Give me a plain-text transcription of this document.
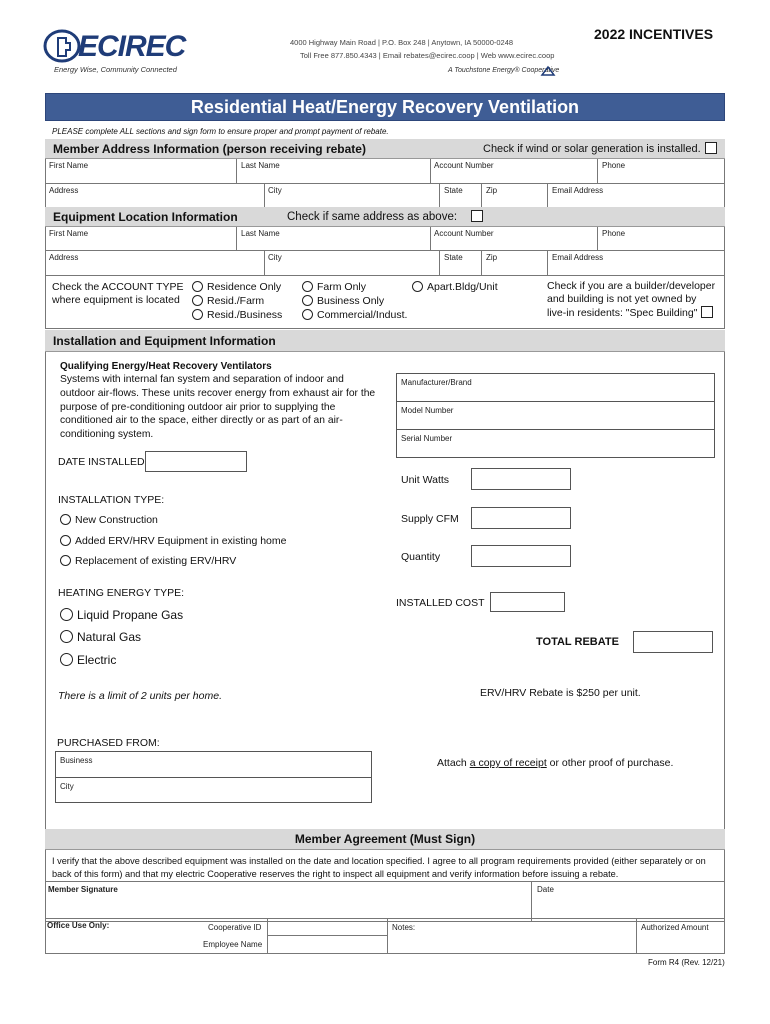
ECIREC
Energy Wise, Community Connected
4000 Highway Main Road | P.O. Box 248 | Anytown, IA 50000-0248
Toll Free 877.850.4343 | Email rebates@ecirec.coop | Web www.ecirec.coop
A Touchstone Energy® Cooperative
2022 INCENTIVES
Residential Heat/Energy Recovery Ventilation
PLEASE complete ALL sections and sign form to ensure proper and prompt payment of rebate.
Member Address Information (person receiving rebate)	Check if wind or solar generation is installed.
First Name	Last Name	Account Number	Phone
Address	City	State	Zip	Email Address
Equipment Location Information	Check if same address as above:
First Name	Last Name	Account Number	Phone
Address	City	State	Zip	Email Address
Check the ACCOUNT TYPE
where equipment is located
Residence Only
Resid./Farm
Resid./Business
Farm Only
Business Only
Commercial/Indust.
Apart.Bldg/Unit	Check if you are a builder/developer
and building is not yet owned by
live-in residents: "Spec Building"
Installation and Equipment Information
Qualifying Energy/Heat Recovery Ventilators
Systems with internal fan system and separation of indoor and outdoor air-flows. These units recover energy from exhaust air for the purpose of pre-conditioning outdoor air prior to supplying the conditioned air to the space, either directly or as part of an air-conditioning system.
Manufacturer/Brand
Model Number
Serial Number
DATE INSTALLED
INSTALLATION TYPE:
New Construction
Added ERV/HRV Equipment in existing home
Replacement of existing ERV/HRV
HEATING ENERGY TYPE:
Liquid Propane Gas
Natural Gas
Electric
Unit Watts
Supply CFM
Quantity
INSTALLED COST
TOTAL REBATE
There is a limit of 2 units per home.	ERV/HRV Rebate is $250 per unit.
PURCHASED FROM:
Business
City
Attach a copy of receipt or other proof of purchase.
Member Agreement (Must Sign)
I verify that the above described equipment was installed on the date and location specified. I agree to all program requirements provided (either separately or on back of this form) and that my electric Cooperative reserves the right to inspect all equipment and verify information before issuing a rebate.
Member Signature	Date
Office Use Only:	Cooperative ID
Employee Name
Notes:	Authorized Amount
Form R4 (Rev. 12/21)
